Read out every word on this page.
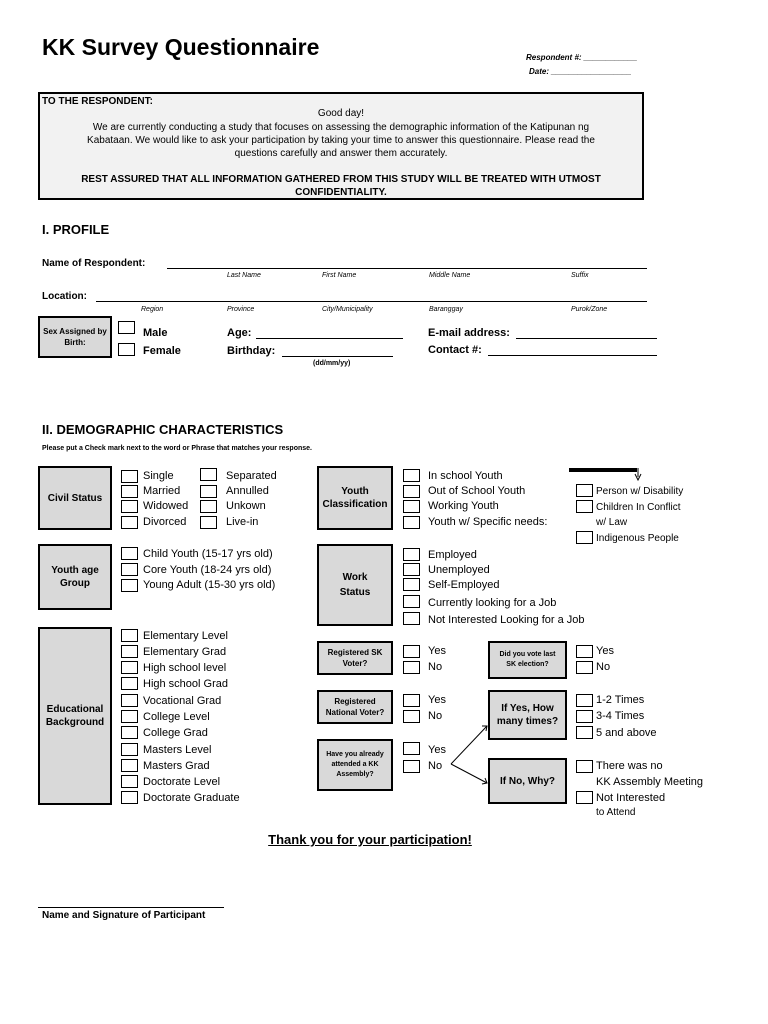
KK Survey Questionnaire	Respondent #: ____________
Date: __________________
TO THE RESPONDENT:
Good day!
We are currently conducting a study that focuses on assessing the demographic information of the Katipunan ng
Kabataan. We would like to ask your participation by taking your time to answer this questionnaire. Please read the
questions carefully and answer them accurately.
REST ASSURED THAT ALL INFORMATION GATHERED FROM THIS STUDY WILL BE TREATED WITH UTMOST
CONFIDENTIALITY.
I. PROFILE
Name of Respondent:
Last Name	First Name	Middle Name	Suffix
Location:
Region	Province	City/Municipality	Baranggay	Purok/Zone
Sex Assigned by Birth:
Male
Female
Age:
Birthday:
(dd/mm/yy)
E-mail address:
Contact #:
II. DEMOGRAPHIC CHARACTERISTICS
Please put a Check mark next to the word or Phrase that matches your response.
Civil Status
Single
Married
Widowed
Divorced
Separated
Annulled
Unkown
Live-in
Youth Classification
In school Youth
Out of School Youth
Working Youth
Youth w/ Specific needs:
Person w/ Disability
Children In Conflict
w/ Law
Indigenous People
Youth age Group
Child Youth (15-17 yrs old)
Core Youth (18-24 yrs old)
Young Adult (15-30 yrs old)
Work Status
Employed
Unemployed
Self-Employed
Currently looking for a Job
Not Interested Looking for a Job
Educational Background
Elementary Level
Elementary Grad
High school level
High school Grad
Vocational Grad
College Level
College Grad
Masters Level
Masters Grad
Doctorate Level
Doctorate Graduate
Registered SK Voter?
Yes
No
Did you vote last SK election?
Yes
No
Registered National Voter?
Yes
No
If Yes, How many times?
1-2 Times
3-4 Times
5 and above
Have you already attended a KK Assembly?
Yes
No
If No, Why?
There was no
KK Assembly Meeting
Not Interested
to Attend
Thank you for your participation!
Name and Signature of Participant
